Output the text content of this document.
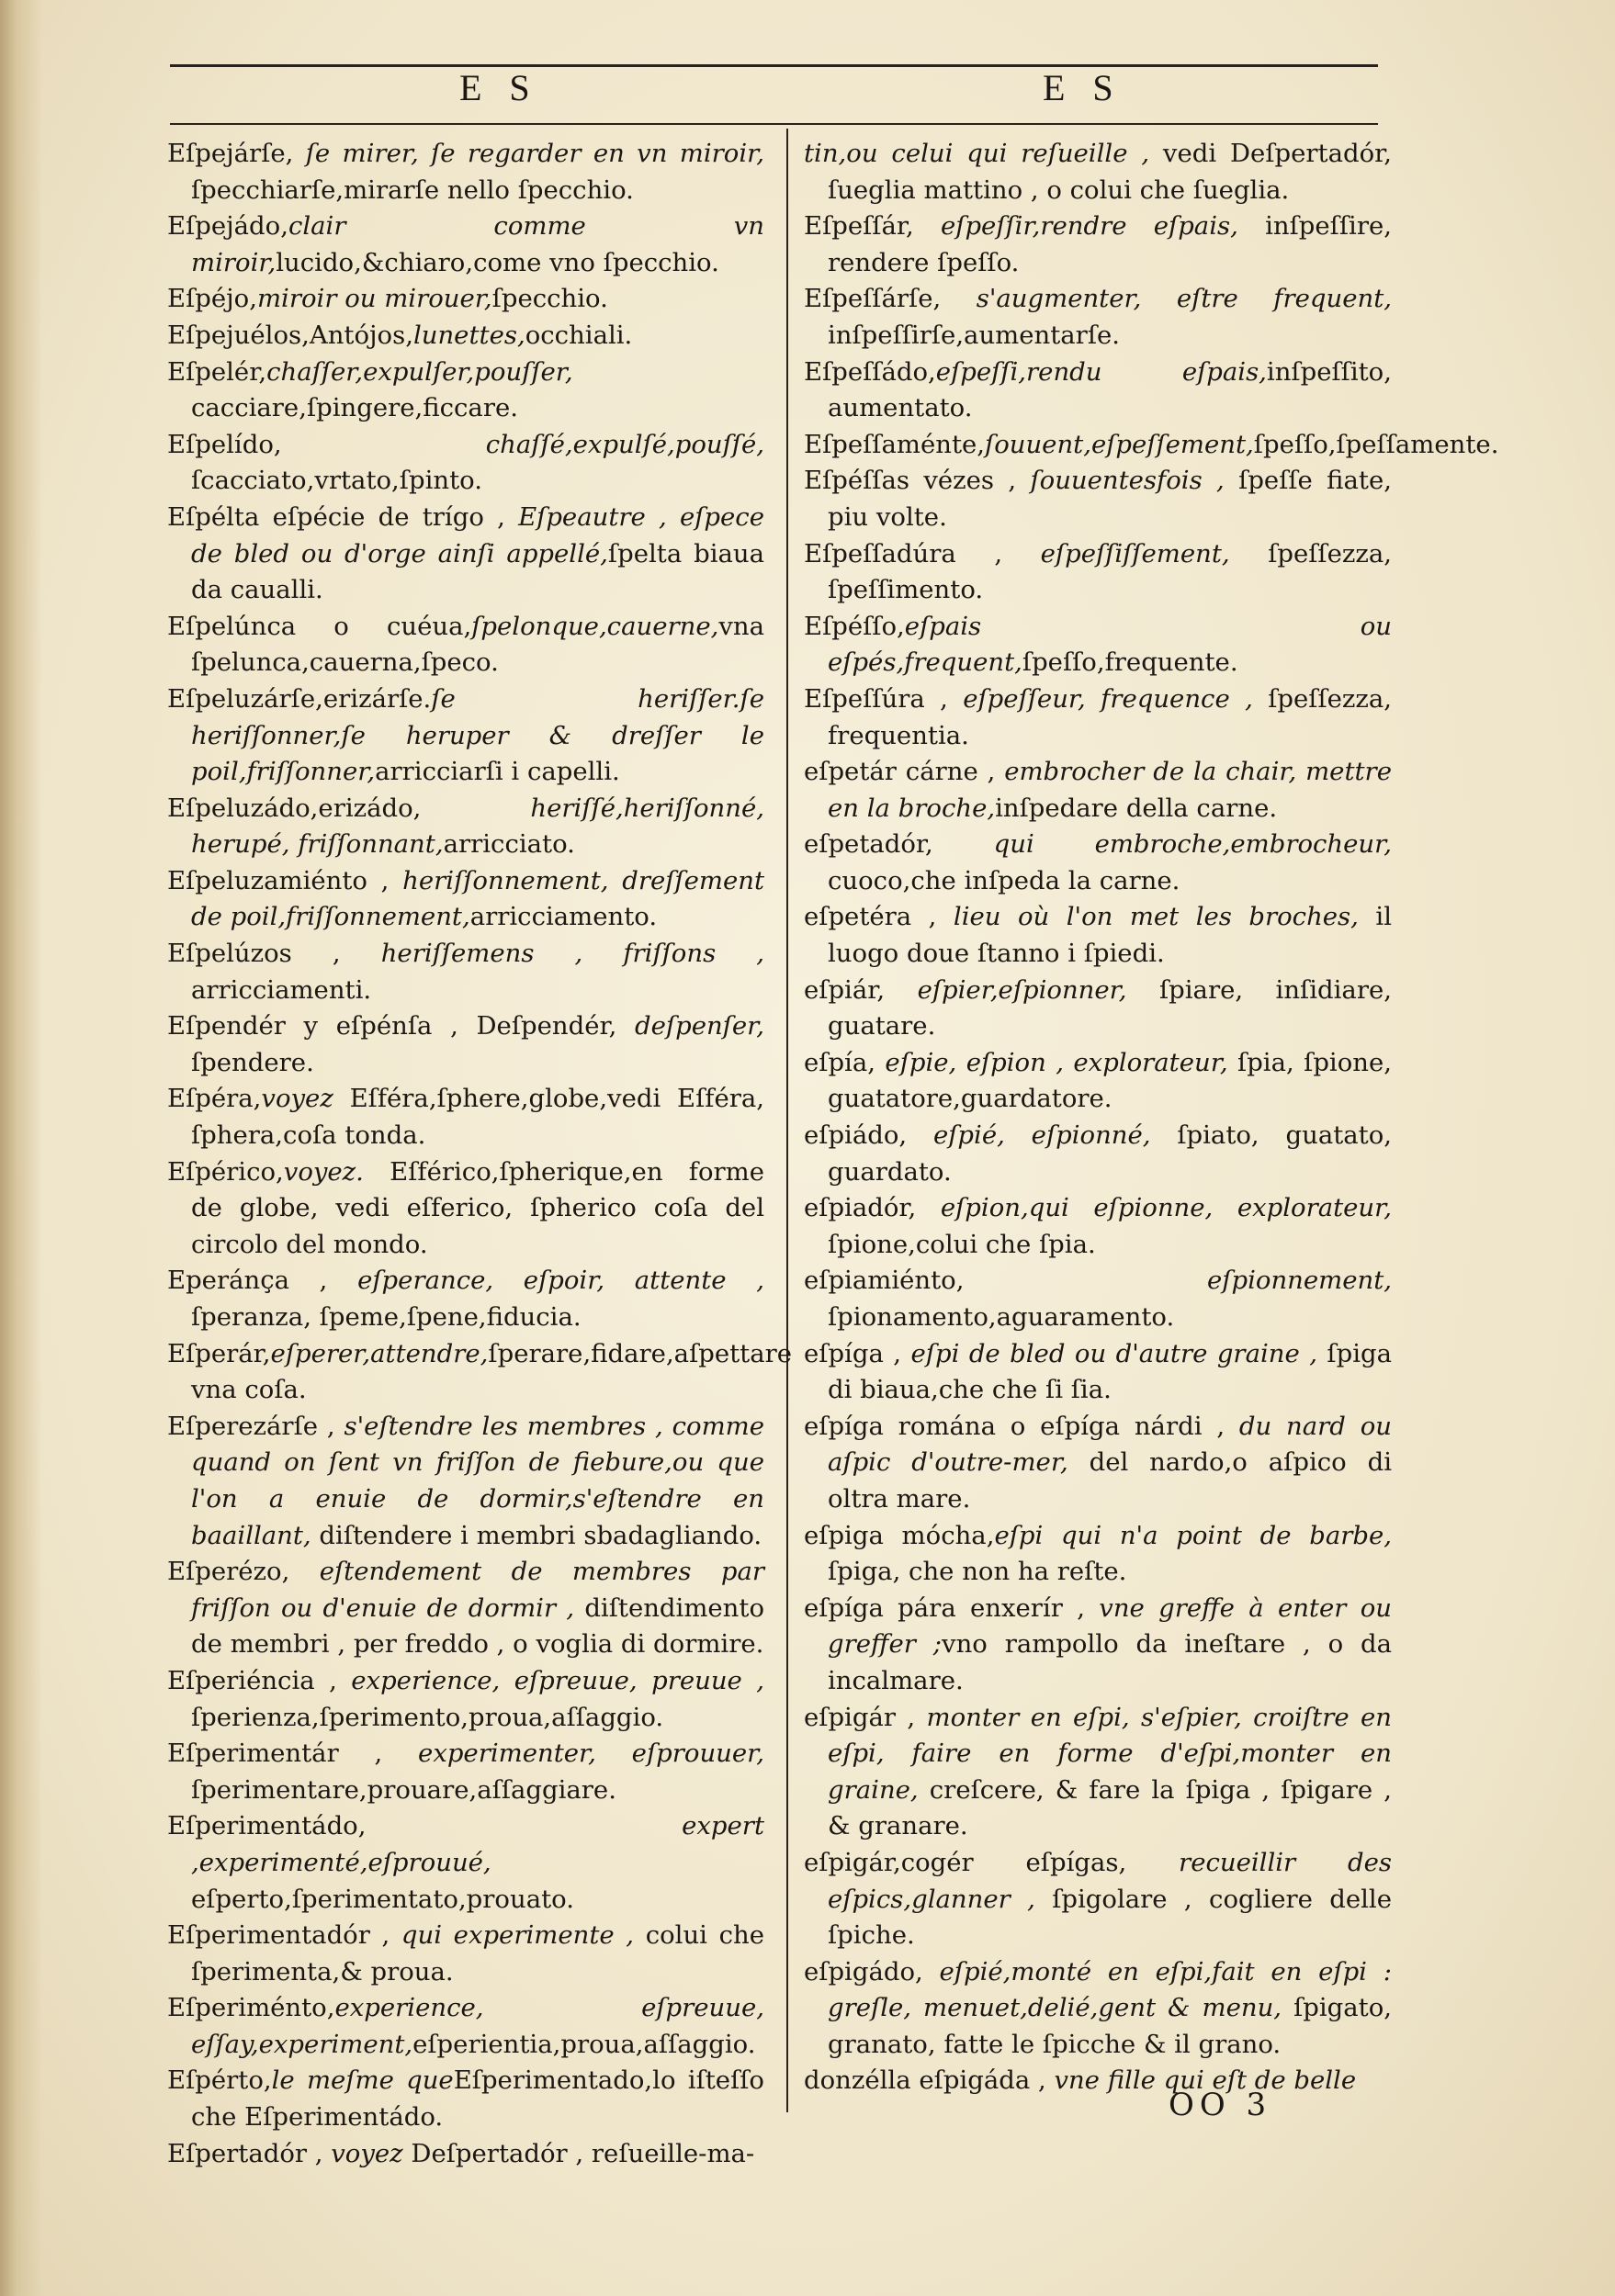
E S	E S
Eſpejárſe, ſe mirer, ſe regarder en vn miroir, ſpecchiarſe,mirarſe nello ſpecchio.
Eſpejádo,clair comme vn miroir,lucido,&chiaro,come vno ſpecchio.
Eſpéjo,miroir ou mirouer,ſpecchio.
Eſpejuélos,Antójos,lunettes,occhiali.
Eſpelér,chaſſer,expulſer,pouſſer, cacciare,ſpingere,ficcare.
Eſpelído, chaſſé,expulſé,pouſſé, ſcacciato,vrtato,ſpinto.
Eſpélta eſpécie de trígo , Eſpeautre , eſpece de bled ou d'orge ainſi appellé,ſpelta biaua da caualli.
Eſpelúnca o cuéua,ſpelonque,cauerne,vna ſpelunca,cauerna,ſpeco.
Eſpeluzárſe,erizárſe.ſe heriſſer.ſe heriſſonner,ſe heruper & dreſſer le poil,friſſonner,arricciarſi i capelli.
Eſpeluzádo,erizádo, heriſſé,heriſſonné, herupé, friſſonnant,arricciato.
Eſpeluzamiénto , heriſſonnement, dreſſement de poil,friſſonnement,arricciamento.
Eſpelúzos , heriſſemens , friſſons , arricciamenti.
Eſpendér y eſpénſa , Deſpendér, deſpenſer, ſpendere.
Eſpéra,voyez Eſféra,ſphere,globe,vedi Eſféra, ſphera,coſa tonda.
Eſpérico,voyez. Eſférico,ſpherique,en forme de globe, vedi eſferico, ſpherico coſa del circolo del mondo.
Eperánça , eſperance, eſpoir, attente , ſperanza, ſpeme,ſpene,fiducia.
Eſperár,eſperer,attendre,ſperare,fidare,aſpettare vna coſa.
Eſperezárſe , s'eſtendre les membres , comme quand on ſent vn friſſon de fiebure,ou que l'on a enuie de dormir,s'eſtendre en baaillant, diſtendere i membri sbadagliando.
Eſperézo, eſtendement de membres par friſſon ou d'enuie de dormir , diſtendimento de membri , per freddo , o voglia di dormire.
Eſperiéncia , experience, eſpreuue, preuue , ſperienza,ſperimento,proua,aſſaggio.
Eſperimentár , experimenter, eſprouuer, ſperimentare,prouare,aſſaggiare.
Eſperimentádo, expert ,experimenté,eſprouué, eſperto,ſperimentato,prouato.
Eſperimentadór , qui experimente , colui che ſperimenta,& proua.
Eſperiménto,experience, eſpreuue, eſſay,experiment,eſperientia,proua,aſſaggio.
Eſpérto,le meſme queEſperimentado,lo iſteſſo che Eſperimentádo.
Eſpertadór , voyez Deſpertadór , reſueille-ma-
tin,ou celui qui reſueille , vedi Deſpertadór, ſueglia mattino , o colui che ſueglia.
Eſpeſſár, eſpeſſir,rendre eſpais, inſpeſſire, rendere ſpeſſo.
Eſpeſſárſe, s'augmenter, eſtre frequent, inſpeſſirſe,aumentarſe.
Eſpeſſádo,eſpeſſi,rendu eſpais,inſpeſſito, aumentato.
Eſpeſſaménte,ſouuent,eſpeſſement,ſpeſſo,ſpeſſamente.
Eſpéſſas vézes , ſouuentesfois , ſpeſſe fiate, piu volte.
Eſpeſſadúra , eſpeſſiſſement, ſpeſſezza, ſpeſſimento.
Eſpéſſo,eſpais ou eſpés,frequent,ſpeſſo,frequente.
Eſpeſſúra , eſpeſſeur, frequence , ſpeſſezza, frequentia.
eſpetár cárne , embrocher de la chair, mettre en la broche,inſpedare della carne.
eſpetadór, qui embroche,embrocheur, cuoco,che inſpeda la carne.
eſpetéra , lieu où l'on met les broches, il luogo doue ſtanno i ſpiedi.
eſpiár, eſpier,eſpionner, ſpiare, inſidiare, guatare.
eſpía, eſpie, eſpion , explorateur, ſpia, ſpione, guatatore,guardatore.
eſpiádo, eſpié, eſpionné, ſpiato, guatato, guardato.
eſpiadór, eſpion,qui eſpionne, explorateur, ſpione,colui che ſpia.
eſpiamiénto, eſpionnement, ſpionamento,aguaramento.
eſpíga , eſpi de bled ou d'autre graine , ſpiga di biaua,che che ſi ſia.
eſpíga románа o eſpíga nárdi , du nard ou aſpic d'outre-mer, del nardo,o aſpico di oltra mare.
eſpiga mócha,eſpi qui n'a point de barbe, ſpiga, che non ha reſte.
eſpíga pára enxerír , vne greffe à enter ou greffer ;vno rampollo da ineſtare , o da incalmare.
eſpigár , monter en eſpi, s'eſpier, croiſtre en eſpi, faire en forme d'eſpi,monter en graine, creſcere, & fare la ſpiga , ſpigare , & granare.
eſpigár,cogér eſpígas, recueillir des eſpics,glanner , ſpigolare , cogliere delle ſpiche.
eſpigádo, eſpié,monté en eſpi,fait en eſpi : greſle, menuet,delié,gent & menu, ſpigato, granato, fatte le ſpicche & il grano.
donzélla eſpigáda , vne fille qui eſt de belle
OO 3
